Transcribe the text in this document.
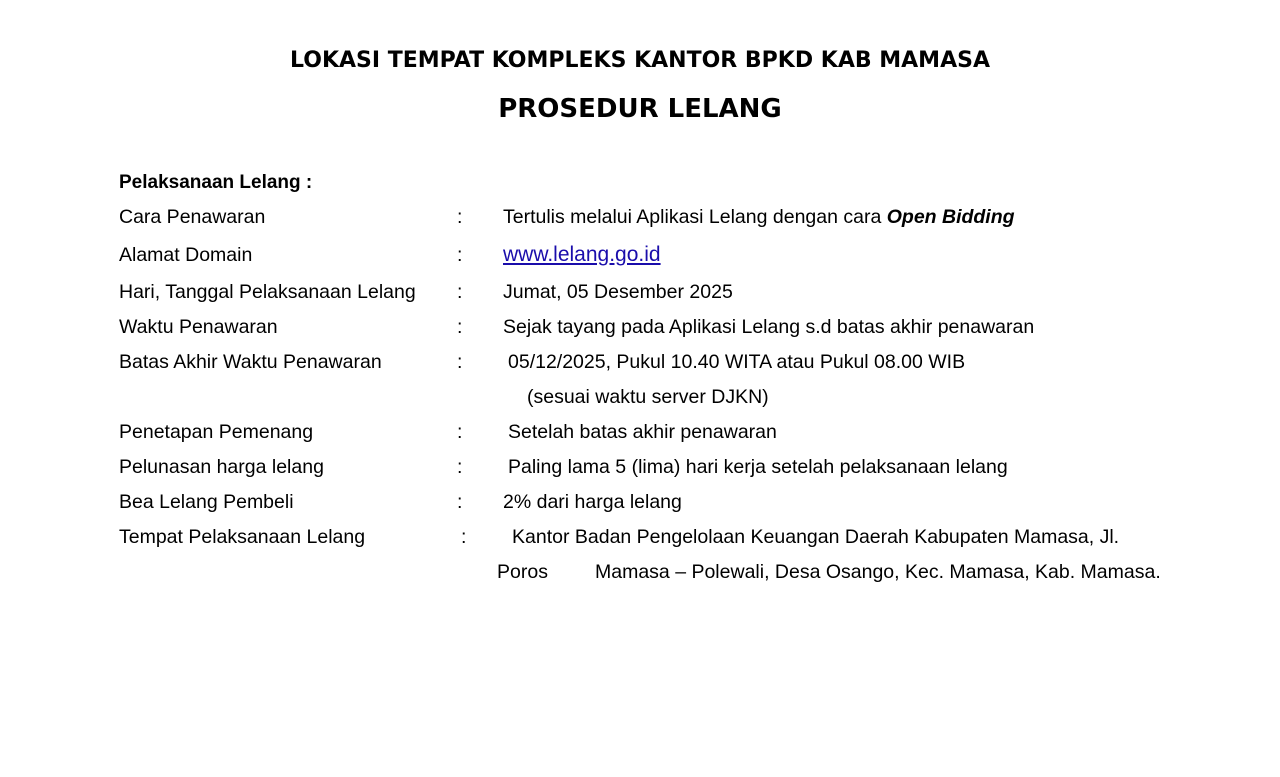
LOKASI TEMPAT KOMPLEKS KANTOR BPKD KAB MAMASA
PROSEDUR LELANG
Pelaksanaan Lelang :
Cara Penawaran	: Tertulis melalui Aplikasi Lelang dengan cara Open Bidding
Alamat Domain	: www.lelang.go.id
Hari, Tanggal Pelaksanaan Lelang : Jumat, 05 Desember 2025
Waktu Penawaran	: Sejak tayang pada Aplikasi Lelang s.d batas akhir penawaran
Batas Akhir Waktu Penawaran	: 05/12/2025, Pukul 10.40 WITA atau Pukul 08.00 WIB
(sesuai waktu server DJKN)
Penetapan Pemenang	: Setelah batas akhir penawaran
Pelunasan harga lelang	: Paling lama 5 (lima) hari kerja setelah pelaksanaan lelang
Bea Lelang Pembeli	: 2% dari harga lelang
Tempat Pelaksanaan Lelang	: Kantor Badan Pengelolaan Keuangan Daerah Kabupaten Mamasa, Jl.
Poros Mamasa – Polewali, Desa Osango, Kec. Mamasa, Kab. Mamasa.
